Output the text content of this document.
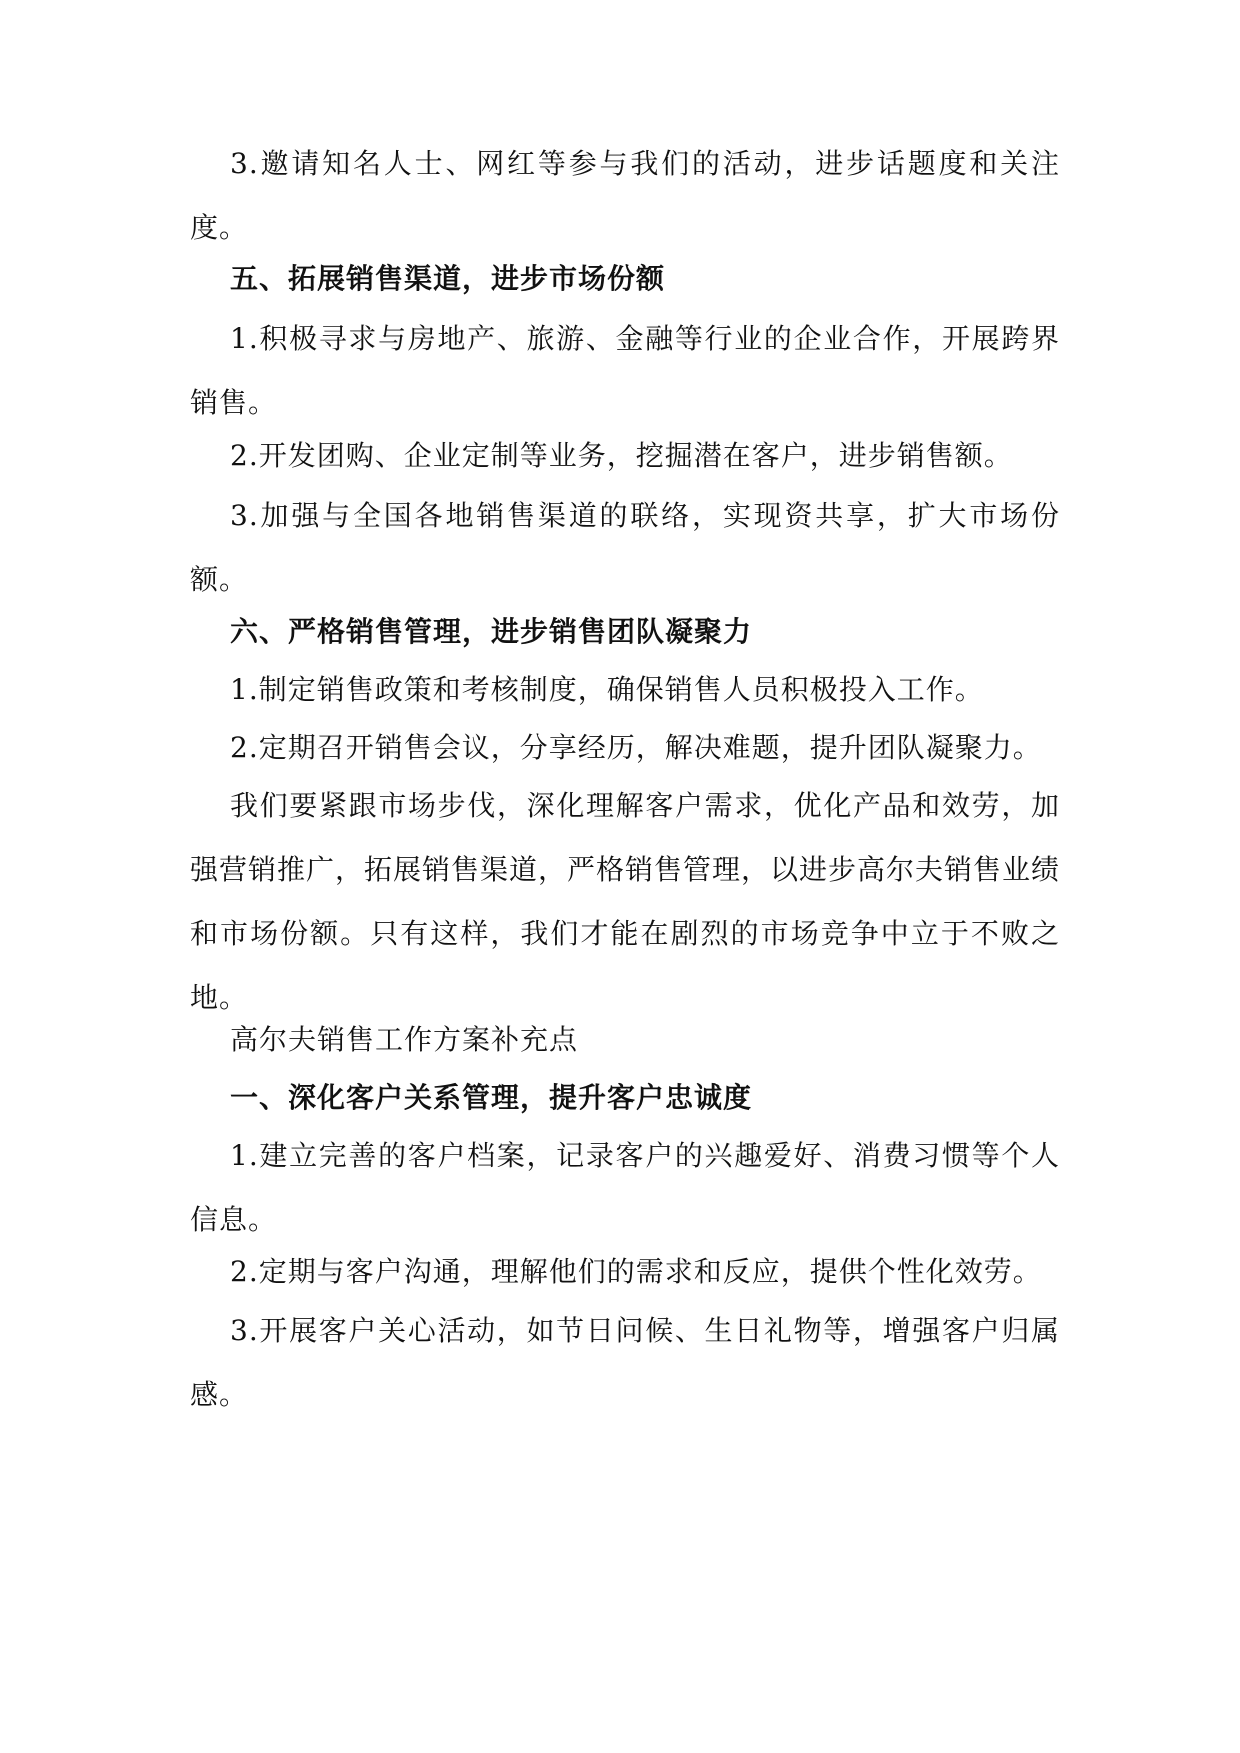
3.邀请知名人士、网红等参与我们的活动，进步话题度和关注度。
五、拓展销售渠道，进步市场份额
1.积极寻求与房地产、旅游、金融等行业的企业合作，开展跨界销售。
2.开发团购、企业定制等业务，挖掘潜在客户，进步销售额。
3.加强与全国各地销售渠道的联络，实现资共享，扩大市场份额。
六、严格销售管理，进步销售团队凝聚力
1.制定销售政策和考核制度，确保销售人员积极投入工作。
2.定期召开销售会议，分享经历，解决难题，提升团队凝聚力。
我们要紧跟市场步伐，深化理解客户需求，优化产品和效劳，加强营销推广，拓展销售渠道，严格销售管理，以进步高尔夫销售业绩和市场份额。只有这样，我们才能在剧烈的市场竞争中立于不败之地。
高尔夫销售工作方案补充点
一、深化客户关系管理，提升客户忠诚度
1.建立完善的客户档案，记录客户的兴趣爱好、消费习惯等个人信息。
2.定期与客户沟通，理解他们的需求和反应，提供个性化效劳。
3.开展客户关心活动，如节日问候、生日礼物等，增强客户归属感。
